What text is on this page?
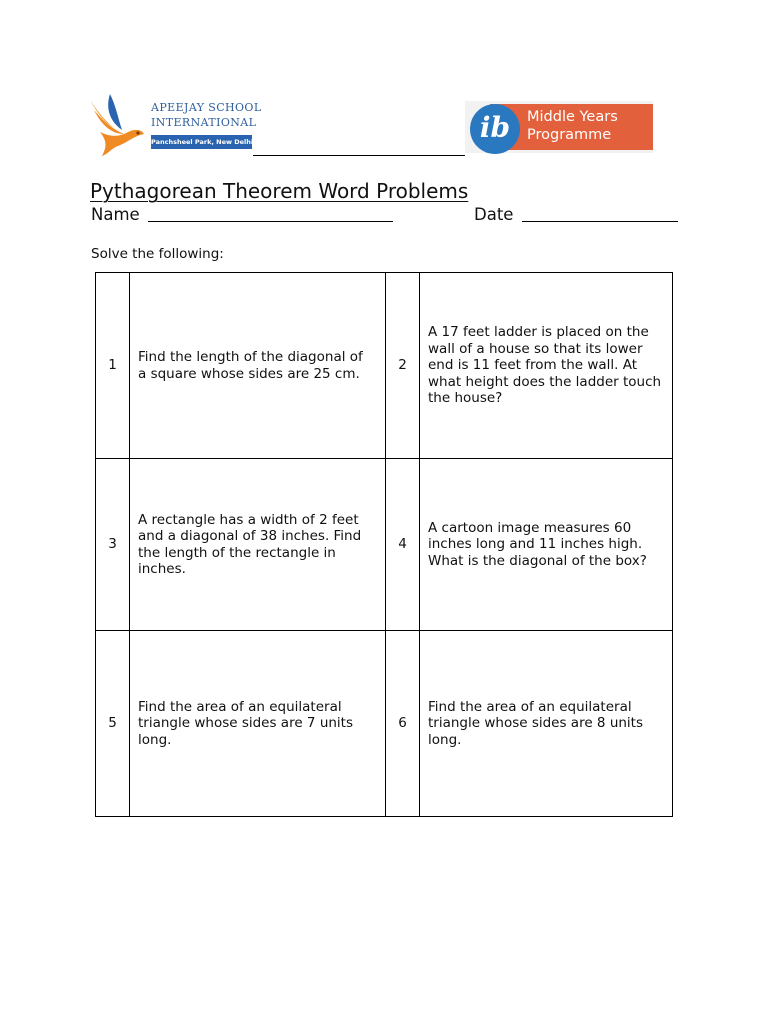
APEEJAY SCHOOL
INTERNATIONAL
Panchsheel Park, New Delhi	ib	Middle Years
Programme
Pythagorean Theorem Word Problems
Name	Date
Solve the following:
1	Find the length of the diagonal of a square whose sides are 25 cm.	2	A 17 feet ladder is placed on the wall of a house so that its lower end is 11 feet from the wall. At what height does the ladder touch the house?
3	A rectangle has a width of 2 feet and a diagonal of 38 inches. Find the length of the rectangle in inches.	4	A cartoon image measures 60 inches long and 11 inches high. What is the diagonal of the box?
5	Find the area of an equilateral triangle whose sides are 7 units long.	6	Find the area of an equilateral triangle whose sides are 8 units long.
